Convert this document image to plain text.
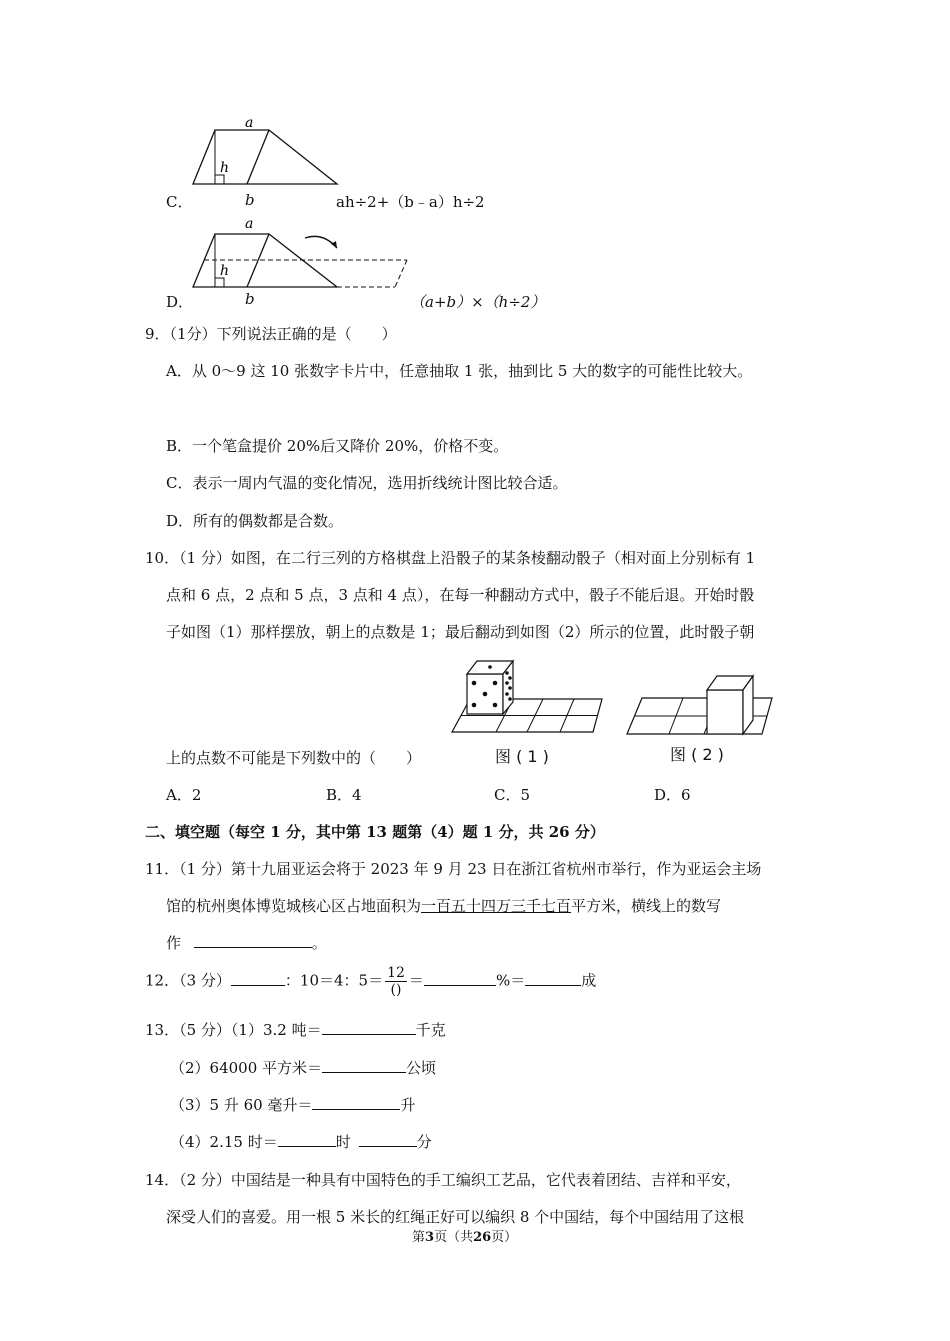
a
h
C．	b	ah÷2+（b﹣a）h÷2
a
h
D．	b	（a+b）×（h÷2）
9．（1分）下列说法正确的是（　　）
A．从 0～9 这 10 张数字卡片中，任意抽取 1 张，抽到比 5 大的数字的可能性比较大。
B．一个笔盒提价 20%后又降价 20%，价格不变。
C．表示一周内气温的变化情况，选用折线统计图比较合适。
D．所有的偶数都是合数。
10．（1 分）如图，在二行三列的方格棋盘上沿骰子的某条棱翻动骰子（相对面上分别标有 1
点和 6 点，2 点和 5 点，3 点和 4 点），在每一种翻动方式中，骰子不能后退。开始时骰
子如图（1）那样摆放，朝上的点数是 1；最后翻动到如图（2）所示的位置，此时骰子朝
上的点数不可能是下列数中的（　　）	图 ( 1 )	图 ( 2 )
A．2	B．4	C．5	D．6
二、填空题（每空 1 分，其中第 13 题第（4）题 1 分，共 26 分）
11．（1 分）第十九届亚运会将于 2023 年 9 月 23 日在浙江省杭州市举行，作为亚运会主场
馆的杭州奥体博览城核心区占地面积为一百五十四万三千七百平方米，横线上的数写
作	。
12．（3 分）	：10＝4：$5= \frac{12}{()}$ ＝	%＝	成
13．（5 分）（1）3.2 吨＝	千克
（2）64000 平方米＝	公顷
（3）5 升 60 毫升＝	升
（4）2.15 时＝	时	分
14．（2 分）中国结是一种具有中国特色的手工编织工艺品，它代表着团结、吉祥和平安，
深受人们的喜爱。用一根 5 米长的红绳正好可以编织 8 个中国结，每个中国结用了这根
第3页（共26页）
